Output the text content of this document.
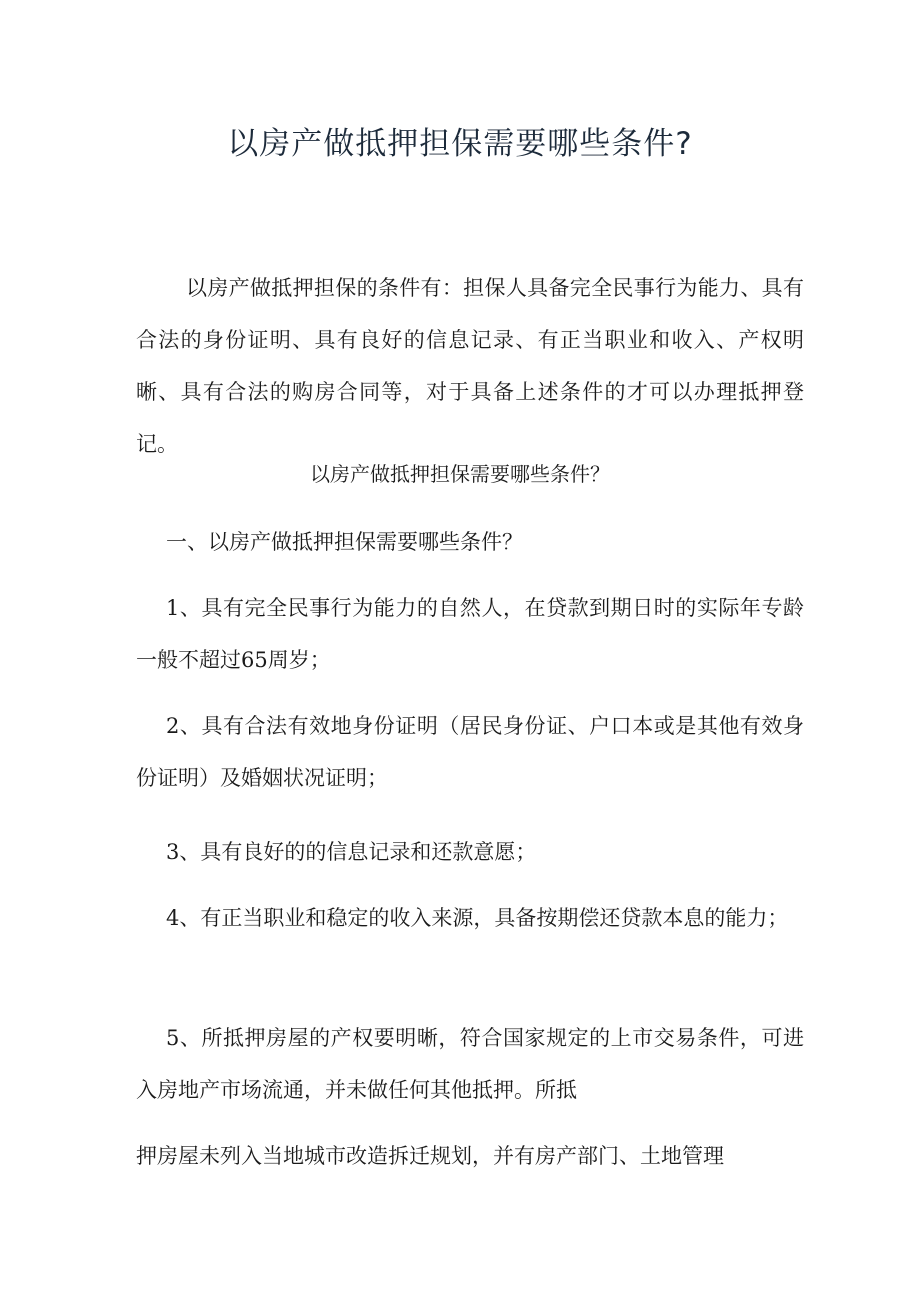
以房产做抵押担保需要哪些条件?
以房产做抵押担保的条件有：担保人具备完全民事行为能力、具有合法的身份证明、具有良好的信息记录、有正当职业和收入、产权明晰、具有合法的购房合同等，对于具备上述条件的才可以办理抵押登记。
以房产做抵押担保需要哪些条件？
一、以房产做抵押担保需要哪些条件？
1、具有完全民事行为能力的自然人，在贷款到期日时的实际年专龄一般不超过65周岁；
2、具有合法有效地身份证明（居民身份证、户口本或是其他有效身份证明）及婚姻状况证明；
3、具有良好的的信息记录和还款意愿；
4、有正当职业和稳定的收入来源，具备按期偿还贷款本息的能力；
5、所抵押房屋的产权要明晰，符合国家规定的上市交易条件，可进入房地产市场流通，并未做任何其他抵押。所抵
押房屋未列入当地城市改造拆迁规划，并有房产部门、土地管理
